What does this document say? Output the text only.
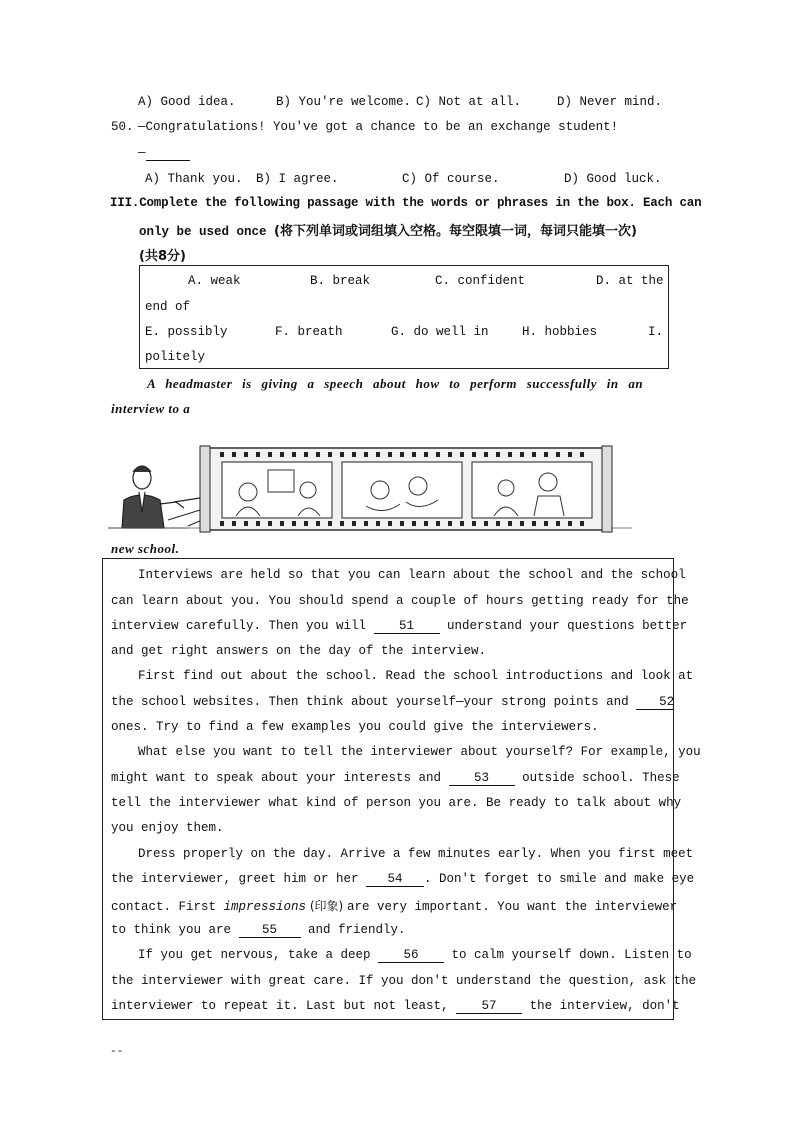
A) Good idea.	B) You're welcome. C) Not at all.	D) Never mind.
50. —Congratulations! You've got a chance to be an exchange student!
—
A) Thank you. B) I agree.	C) Of course.	D) Good luck.
III.Complete the following passage with the words or phrases in the box. Each can
only be used once (将下列单词或词组填入空格。每空限填一词，每词只能填一次)
(共8分)
A. weak	B. break	C. confident	D. at the
end of
E. possibly	F. breath	G. do well in	H. hobbies	I.
politely
A headmaster is giving a speech about how to perform successfully in an
interview to a
new school.
Interviews are held so that you can learn about the school and the school
can learn about you. You should spend a couple of hours getting ready for the
interview carefully. Then you will 51 understand your questions better
and get right answers on the day of the interview.
First find out about the school. Read the school introductions and look at
the school websites. Then think about yourself—your strong points and 52
ones. Try to find a few examples you could give the interviewers.
What else you want to tell the interviewer about yourself? For example, you
might want to speak about your interests and 53 outside school. These
tell the interviewer what kind of person you are. Be ready to talk about why
you enjoy them.
Dress properly on the day. Arrive a few minutes early. When you first meet
the interviewer, greet him or her 54 . Don't forget to smile and make eye
contact. First impressions (印象) are very important. You want the interviewer
to think you are 55 and friendly.
If you get nervous, take a deep 56 to calm yourself down. Listen to
the interviewer with great care. If you don't understand the question, ask the
interviewer to repeat it. Last but not least, 57 the interview, don't
--
